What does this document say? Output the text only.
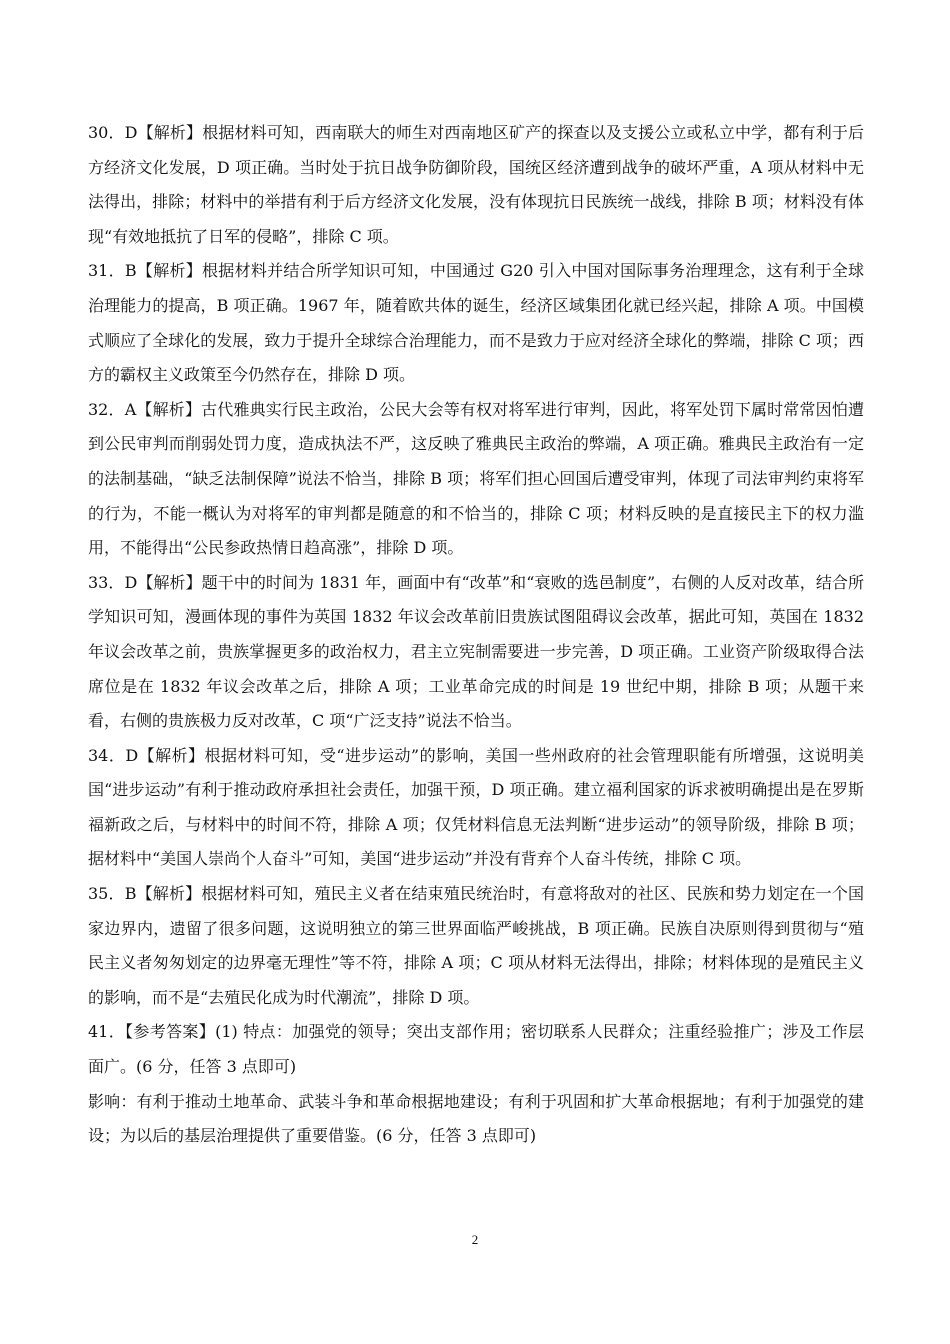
30．D【解析】根据材料可知，西南联大的师生对西南地区矿产的探查以及支援公立或私立中学，都有利于后方经济文化发展，D 项正确。当时处于抗日战争防御阶段，国统区经济遭到战争的破坏严重，A 项从材料中无法得出，排除；材料中的举措有利于后方经济文化发展，没有体现抗日民族统一战线，排除 B 项；材料没有体现“有效地抵抗了日军的侵略”，排除 C 项。

31．B【解析】根据材料并结合所学知识可知，中国通过 G20 引入中国对国际事务治理理念，这有利于全球治理能力的提高，B 项正确。1967 年，随着欧共体的诞生，经济区域集团化就已经兴起，排除 A 项。中国模式顺应了全球化的发展，致力于提升全球综合治理能力，而不是致力于应对经济全球化的弊端，排除 C 项；西方的霸权主义政策至今仍然存在，排除 D 项。

32．A【解析】古代雅典实行民主政治，公民大会等有权对将军进行审判，因此，将军处罚下属时常常因怕遭到公民审判而削弱处罚力度，造成执法不严，这反映了雅典民主政治的弊端，A 项正确。雅典民主政治有一定的法制基础，“缺乏法制保障”说法不恰当，排除 B 项；将军们担心回国后遭受审判，体现了司法审判约束将军的行为，不能一概认为对将军的审判都是随意的和不恰当的，排除 C 项；材料反映的是直接民主下的权力滥用，不能得出“公民参政热情日趋高涨”，排除 D 项。

33．D【解析】题干中的时间为 1831 年，画面中有“改革”和“衰败的选邑制度”，右侧的人反对改革，结合所学知识可知，漫画体现的事件为英国 1832 年议会改革前旧贵族试图阻碍议会改革，据此可知，英国在 1832 年议会改革之前，贵族掌握更多的政治权力，君主立宪制需要进一步完善，D 项正确。工业资产阶级取得合法席位是在 1832 年议会改革之后，排除 A 项；工业革命完成的时间是 19 世纪中期，排除 B 项；从题干来看，右侧的贵族极力反对改革，C 项“广泛支持”说法不恰当。

34．D【解析】根据材料可知，受“进步运动”的影响，美国一些州政府的社会管理职能有所增强，这说明美国“进步运动”有利于推动政府承担社会责任，加强干预，D 项正确。建立福利国家的诉求被明确提出是在罗斯福新政之后，与材料中的时间不符，排除 A 项；仅凭材料信息无法判断“进步运动”的领导阶级，排除 B 项；据材料中“美国人崇尚个人奋斗”可知，美国“进步运动”并没有背弃个人奋斗传统，排除 C 项。

35．B【解析】根据材料可知，殖民主义者在结束殖民统治时，有意将敌对的社区、民族和势力划定在一个国家边界内，遗留了很多问题，这说明独立的第三世界面临严峻挑战，B 项正确。民族自决原则得到贯彻与“殖民主义者匆匆划定的边界毫无理性”等不符，排除 A 项；C 项从材料无法得出，排除；材料体现的是殖民主义的影响，而不是“去殖民化成为时代潮流”，排除 D 项。

41．【参考答案】(1) 特点：加强党的领导；突出支部作用；密切联系人民群众；注重经验推广；涉及工作层面广。(6 分，任答 3 点即可)

影响：有利于推动土地革命、武装斗争和革命根据地建设；有利于巩固和扩大革命根据地；有利于加强党的建设；为以后的基层治理提供了重要借鉴。(6 分，任答 3 点即可)

2
